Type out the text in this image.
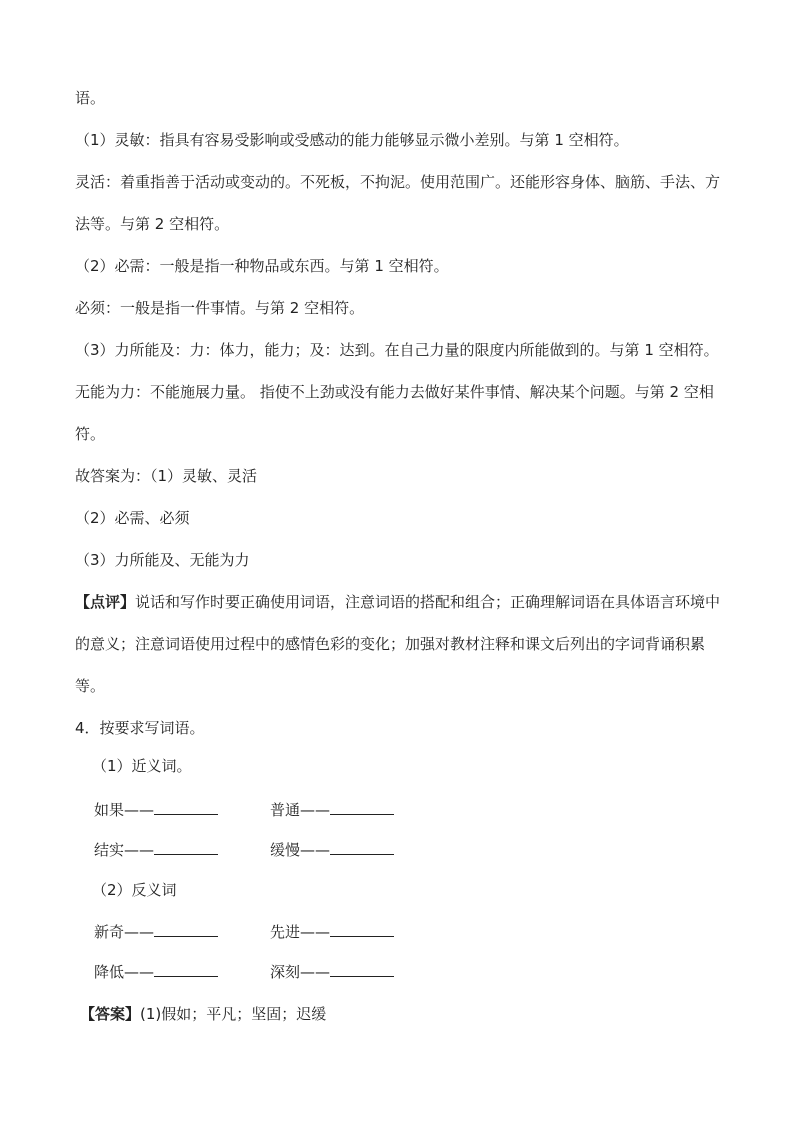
语。
（1）灵敏：指具有容易受影响或受感动的能力能够显示微小差别。与第 1 空相符。
灵活：着重指善于活动或变动的。不死板，不拘泥。使用范围广。还能形容身体、脑筋、手法、方
法等。与第 2 空相符。
（2）必需：一般是指一种物品或东西。与第 1 空相符。
必须：一般是指一件事情。与第 2 空相符。
（3）力所能及：力：体力，能力；及：达到。在自己力量的限度内所能做到的。与第 1 空相符。
无能为力：不能施展力量。 指使不上劲或没有能力去做好某件事情、解决某个问题。与第 2 空相
符。
故答案为：（1）灵敏、灵活
（2）必需、必须
（3）力所能及、无能为力
【点评】说话和写作时要正确使用词语，注意词语的搭配和组合；正确理解词语在具体语言环境中
的意义；注意词语使用过程中的感情色彩的变化；加强对教材注释和课文后列出的字词背诵积累
等。
4．按要求写词语。
（1）近义词。
如果——	普通——
结实——	缓慢——
（2）反义词
新奇——	先进——
降低——	深刻——
【答案】(1)假如；平凡；坚固；迟缓
